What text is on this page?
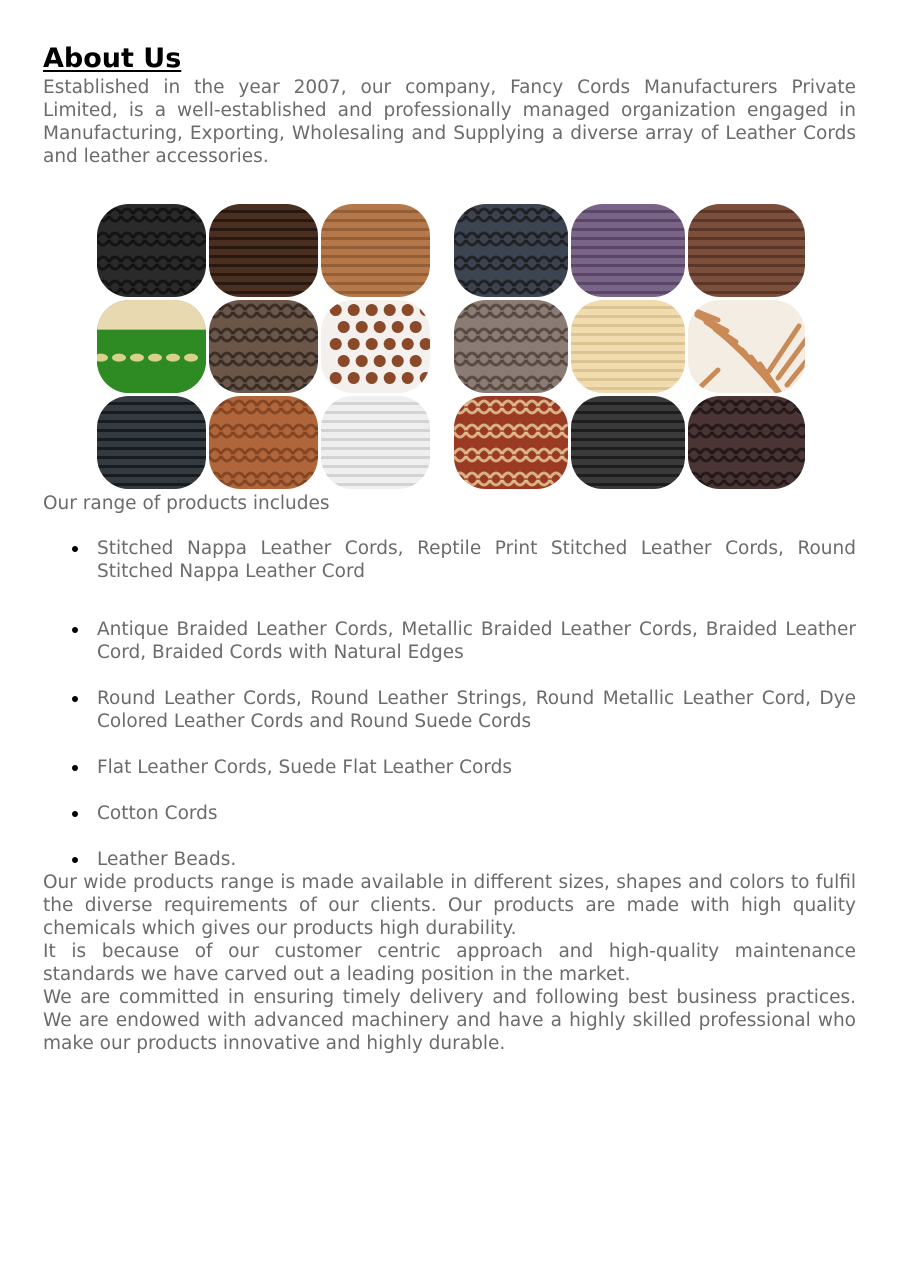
About Us

Established in the year 2007, our company, Fancy Cords Manufacturers Private Limited, is a well-established and professionally managed organization engaged in Manufacturing, Exporting, Wholesaling and Supplying a diverse array of Leather Cords and leather accessories.

Our range of products includes

Stitched Nappa Leather Cords, Reptile Print Stitched Leather Cords, Round Stitched Nappa Leather Cord
Antique Braided Leather Cords, Metallic Braided Leather Cords, Braided Leather Cord, Braided Cords with Natural Edges
Round Leather Cords, Round Leather Strings, Round Metallic Leather Cord, Dye Colored Leather Cords and Round Suede Cords
Flat Leather Cords, Suede Flat Leather Cords
Cotton Cords
Leather Beads.

Our wide products range is made available in different sizes, shapes and colors to fulfil the diverse requirements of our clients. Our products are made with high quality chemicals which gives our products high durability.

It is because of our customer centric approach and high-quality maintenance standards we have carved out a leading position in the market.

We are committed in ensuring timely delivery and following best business practices. We are endowed with advanced machinery and have a highly skilled professional who make our products innovative and highly durable.
